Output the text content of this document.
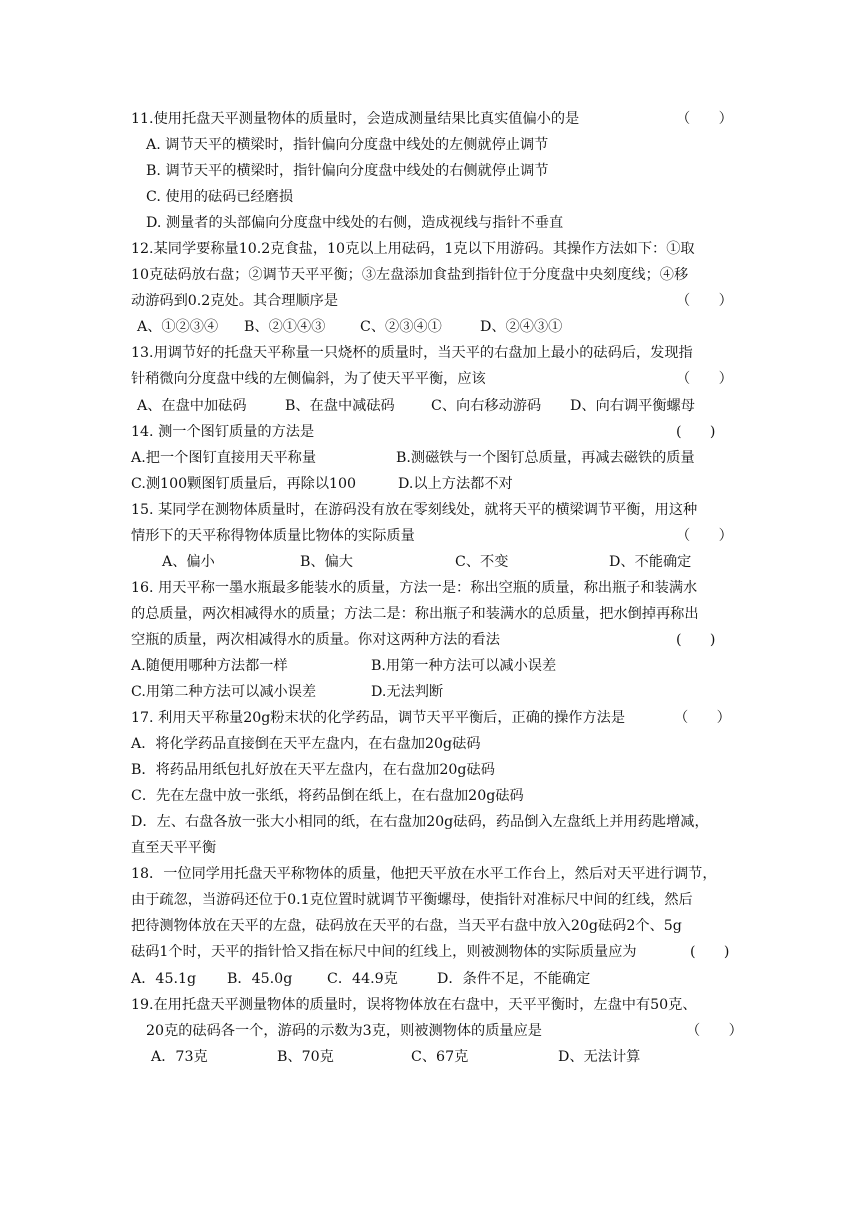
11.使用托盘天平测量物体的质量时，会造成测量结果比真实值偏小的是	（　　）
A. 调节天平的横梁时，指针偏向分度盘中线处的左侧就停止调节
B. 调节天平的横梁时，指针偏向分度盘中线处的右侧就停止调节
C. 使用的砝码已经磨损
D. 测量者的头部偏向分度盘中线处的右侧，造成视线与指针不垂直
12.某同学要称量10.2克食盐，10克以上用砝码，1克以下用游码。其操作方法如下：①取
10克砝码放右盘；②调节天平平衡；③左盘添加食盐到指针位于分度盘中央刻度线；④移
动游码到0.2克处。其合理顺序是	（　　）
A、①②③④ B、②①④③ C、②③④①	D、②④③①
13.用调节好的托盘天平称量一只烧杯的质量时，当天平的右盘加上最小的砝码后，发现指
针稍微向分度盘中线的左侧偏斜，为了使天平平衡，应该	（　　）
A、在盘中加砝码	B、在盘中减砝码	C、向右移动游码 D、向右调平衡螺母
14. 测一个图钉质量的方法是	(　　)
A.把一个图钉直接用天平称量	B.测磁铁与一个图钉总质量，再减去磁铁的质量
C.测100颗图钉质量后，再除以100	D.以上方法都不对
15. 某同学在测物体质量时，在游码没有放在零刻线处，就将天平的横梁调节平衡，用这种
情形下的天平称得物体质量比物体的实际质量	（　　）
A、偏小	B、偏大	C、不变	D、不能确定
16. 用天平称一墨水瓶最多能装水的质量，方法一是：称出空瓶的质量，称出瓶子和装满水
的总质量，两次相减得水的质量；方法二是：称出瓶子和装满水的总质量，把水倒掉再称出
空瓶的质量，两次相减得水的质量。你对这两种方法的看法	(　　)
A.随便用哪种方法都一样	B.用第一种方法可以减小误差
C.用第二种方法可以减小误差	D.无法判断
17. 利用天平称量20g粉末状的化学药品，调节天平平衡后，正确的操作方法是	（　　）
A．将化学药品直接倒在天平左盘内，在右盘加20g砝码
B．将药品用纸包扎好放在天平左盘内，在右盘加20g砝码
C．先在左盘中放一张纸，将药品倒在纸上，在右盘加20g砝码
D．左、右盘各放一张大小相同的纸，在右盘加20g砝码，药品倒入左盘纸上并用药匙增减，
直至天平平衡
18．一位同学用托盘天平称物体的质量，他把天平放在水平工作台上，然后对天平进行调节，
由于疏忽，当游码还位于0.1克位置时就调节平衡螺母，使指针对准标尺中间的红线，然后
把待测物体放在天平的左盘，砝码放在天平的右盘，当天平右盘中放入20g砝码2个、5g
砝码1个时，天平的指针恰又指在标尺中间的红线上，则被测物体的实际质量应为	(　　)
A．45.1g B．45.0g C．44.9克	D．条件不足，不能确定
19.在用托盘天平测量物体的质量时，误将物体放在右盘中，天平平衡时，左盘中有50克、
20克的砝码各一个，游码的示数为3克，则被测物体的质量应是	（　　）
A．73克	B、70克	C、67克	D、无法计算
